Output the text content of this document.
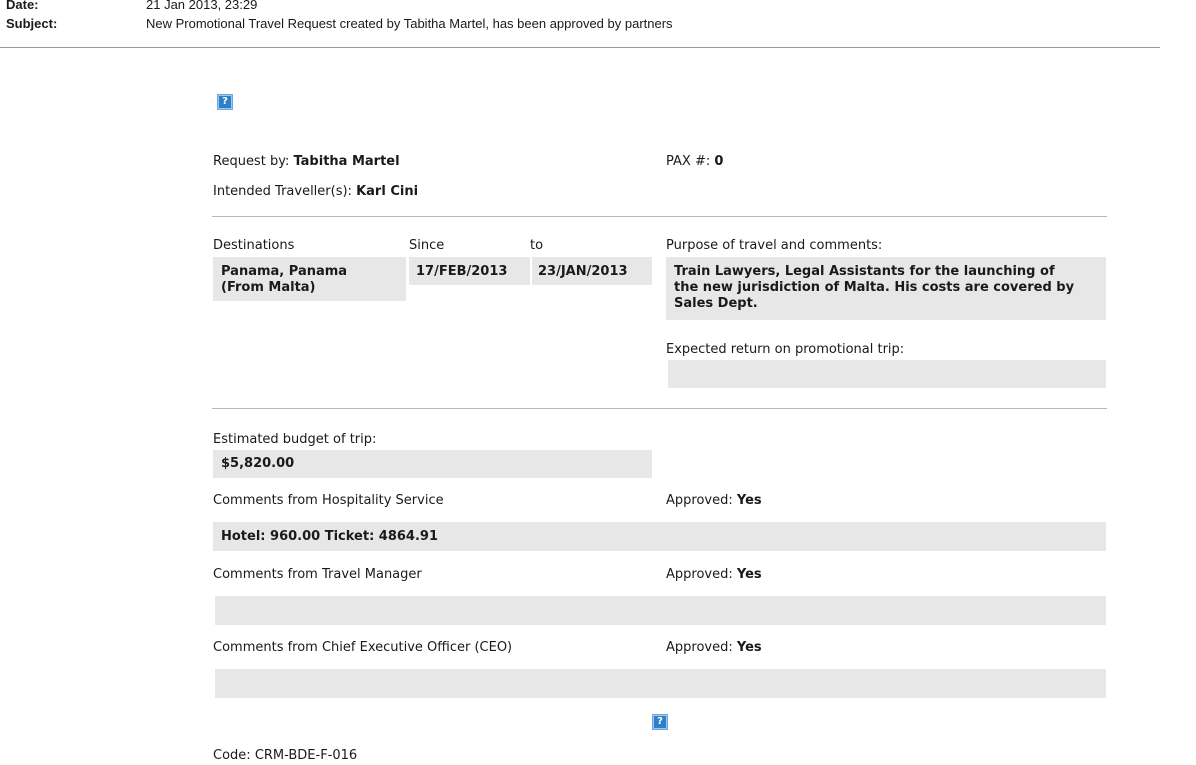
Date:	21 Jan 2013, 23:29
Subject:	New Promotional Travel Request created by Tabitha Martel, has been approved by partners
?
Request by: Tabitha Martel	PAX #: 0
Intended Traveller(s): Karl Cini
Destinations	Since	to	Purpose of travel and comments:
Panama, Panama
(From Malta)
17/FEB/2013 23/JAN/2013	Train Lawyers, Legal Assistants for the launching of
the new jurisdiction of Malta. His costs are covered by
Sales Dept.
Expected return on promotional trip:
Estimated budget of trip:
$5,820.00
Comments from Hospitality Service	Approved: Yes
Hotel: 960.00 Ticket: 4864.91
Comments from Travel Manager	Approved: Yes
Comments from Chief Executive Officer (CEO)	Approved: Yes
?
Code: CRM-BDE-F-016
